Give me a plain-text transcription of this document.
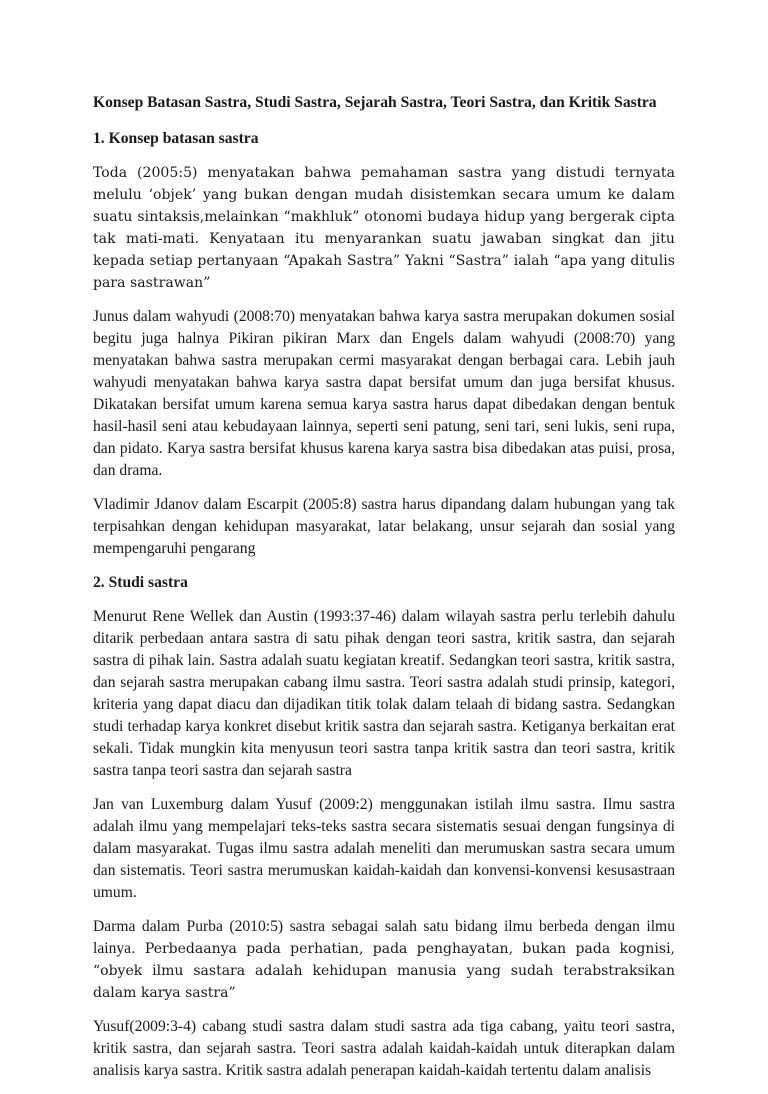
Konsep Batasan Sastra, Studi Sastra, Sejarah Sastra, Teori Sastra, dan Kritik Sastra
1. Konsep batasan sastra

Toda (2005:5) menyatakan bahwa pemahaman sastra yang distudi ternyata melulu ‘objek’ yang bukan dengan mudah disistemkan secara umum ke dalam suatu sintaksis,melainkan “makhluk” otonomi budaya hidup yang bergerak cipta tak mati-mati. Kenyataan itu menyarankan suatu jawaban singkat dan jitu kepada setiap pertanyaan “Apakah Sastra” Yakni “Sastra” ialah “apa yang ditulis para sastrawan”

Junus dalam wahyudi (2008:70) menyatakan bahwa karya sastra merupakan dokumen sosial begitu juga halnya Pikiran pikiran Marx dan Engels dalam wahyudi (2008:70) yang menyatakan bahwa sastra merupakan cermi masyarakat dengan berbagai cara. Lebih jauh wahyudi menyatakan bahwa karya sastra dapat bersifat umum dan juga bersifat khusus. Dikatakan bersifat umum karena semua karya sastra harus dapat dibedakan dengan bentuk hasil-hasil seni atau kebudayaan lainnya, seperti seni patung, seni tari, seni lukis, seni rupa, dan pidato. Karya sastra bersifat khusus karena karya sastra bisa dibedakan atas puisi, prosa, dan drama.

Vladimir Jdanov dalam Escarpit (2005:8) sastra harus dipandang dalam hubungan yang tak terpisahkan dengan kehidupan masyarakat, latar belakang, unsur sejarah dan sosial yang mempengaruhi pengarang

2. Studi sastra

Menurut Rene Wellek dan Austin (1993:37-46) dalam wilayah sastra perlu terlebih dahulu ditarik perbedaan antara sastra di satu pihak dengan teori sastra, kritik sastra, dan sejarah sastra di pihak lain. Sastra adalah suatu kegiatan kreatif. Sedangkan teori sastra, kritik sastra, dan sejarah sastra merupakan cabang ilmu sastra. Teori sastra adalah studi prinsip, kategori, kriteria yang dapat diacu dan dijadikan titik tolak dalam telaah di bidang sastra. Sedangkan studi terhadap karya konkret disebut kritik sastra dan sejarah sastra. Ketiganya berkaitan erat sekali. Tidak mungkin kita menyusun teori sastra tanpa kritik sastra dan teori sastra, kritik sastra tanpa teori sastra dan sejarah sastra

Jan van Luxemburg dalam Yusuf (2009:2) menggunakan istilah ilmu sastra. Ilmu sastra adalah ilmu yang mempelajari teks-teks sastra secara sistematis sesuai dengan fungsinya di dalam masyarakat. Tugas ilmu sastra adalah meneliti dan merumuskan sastra secara umum dan sistematis. Teori sastra merumuskan kaidah-kaidah dan konvensi-konvensi kesusastraan umum.

Darma dalam Purba (2010:5) sastra sebagai salah satu bidang ilmu berbeda dengan ilmu lainya. Perbedaanya pada perhatian, pada penghayatan, bukan pada kognisi, “obyek ilmu sastara adalah kehidupan manusia yang sudah terabstraksikan dalam karya sastra”

Yusuf(2009:3-4) cabang studi sastra dalam studi sastra ada tiga cabang, yaitu teori sastra, kritik sastra, dan sejarah sastra. Teori sastra adalah kaidah-kaidah untuk diterapkan dalam analisis karya sastra. Kritik sastra adalah penerapan kaidah-kaidah tertentu dalam analisis
